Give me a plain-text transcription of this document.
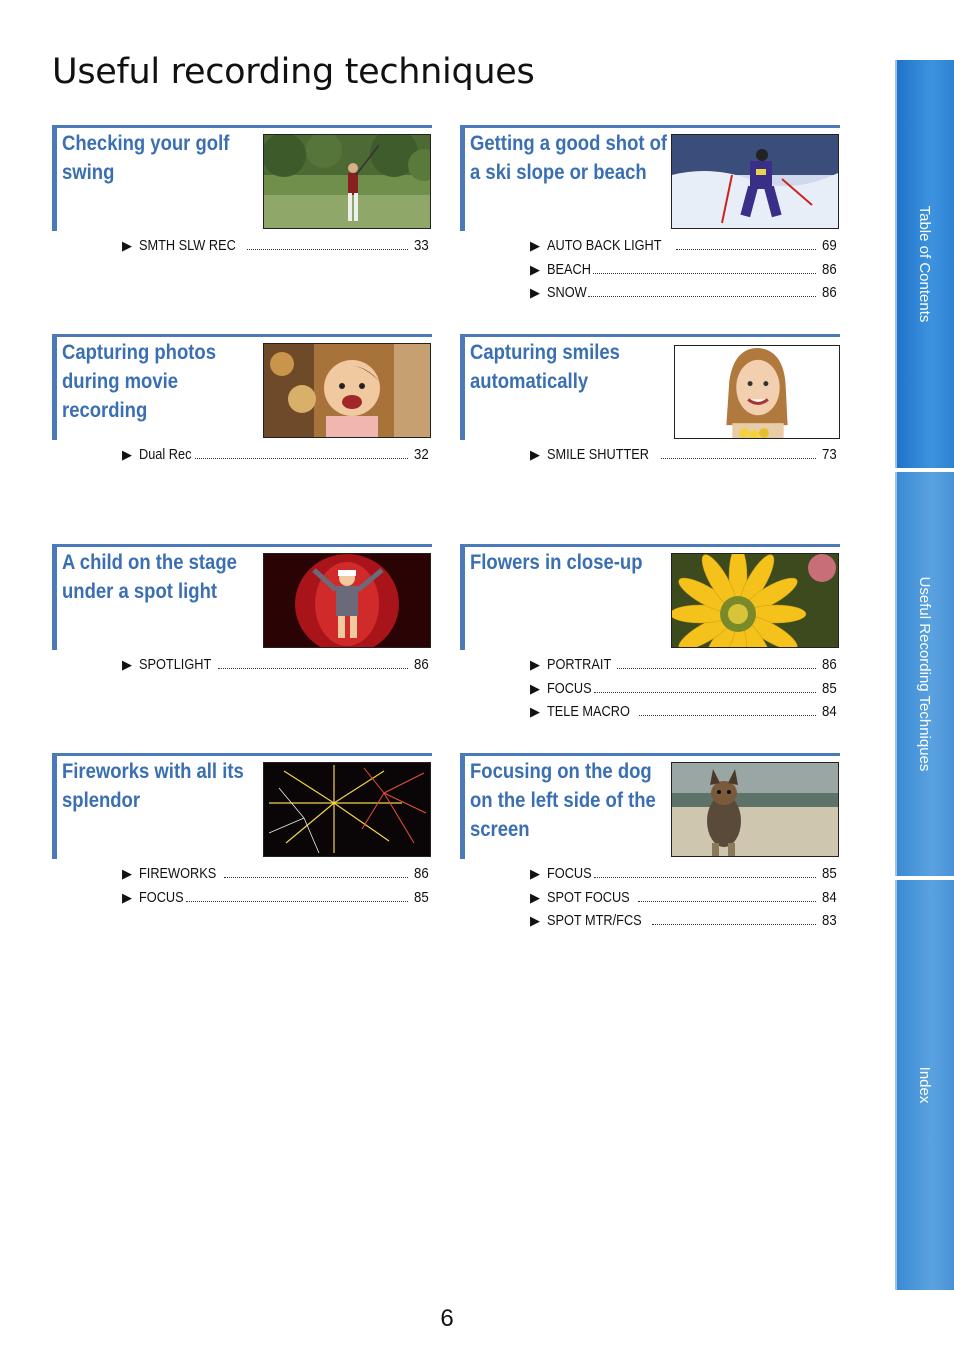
Useful recording techniques
Checking your golf swing
▶ SMTH SLW REC	33
Getting a good shot of a ski slope or beach
▶ AUTO BACK LIGHT	69
▶ BEACH	86
▶ SNOW	86
Capturing photos during movie recording
▶ Dual Rec	32
Capturing smiles automatically
▶ SMILE SHUTTER	73
A child on the stage under a spot light
▶ SPOTLIGHT	86
Flowers in close-up
▶ PORTRAIT	86
▶ FOCUS	85
▶ TELE MACRO	84
Fireworks with all its splendor
▶ FIREWORKS	86
▶ FOCUS	85
Focusing on the dog on the left side of the screen
▶ FOCUS	85
▶ SPOT FOCUS	84
▶ SPOT MTR/FCS	83
Table of Contents
Useful Recording Techniques
Index
6
